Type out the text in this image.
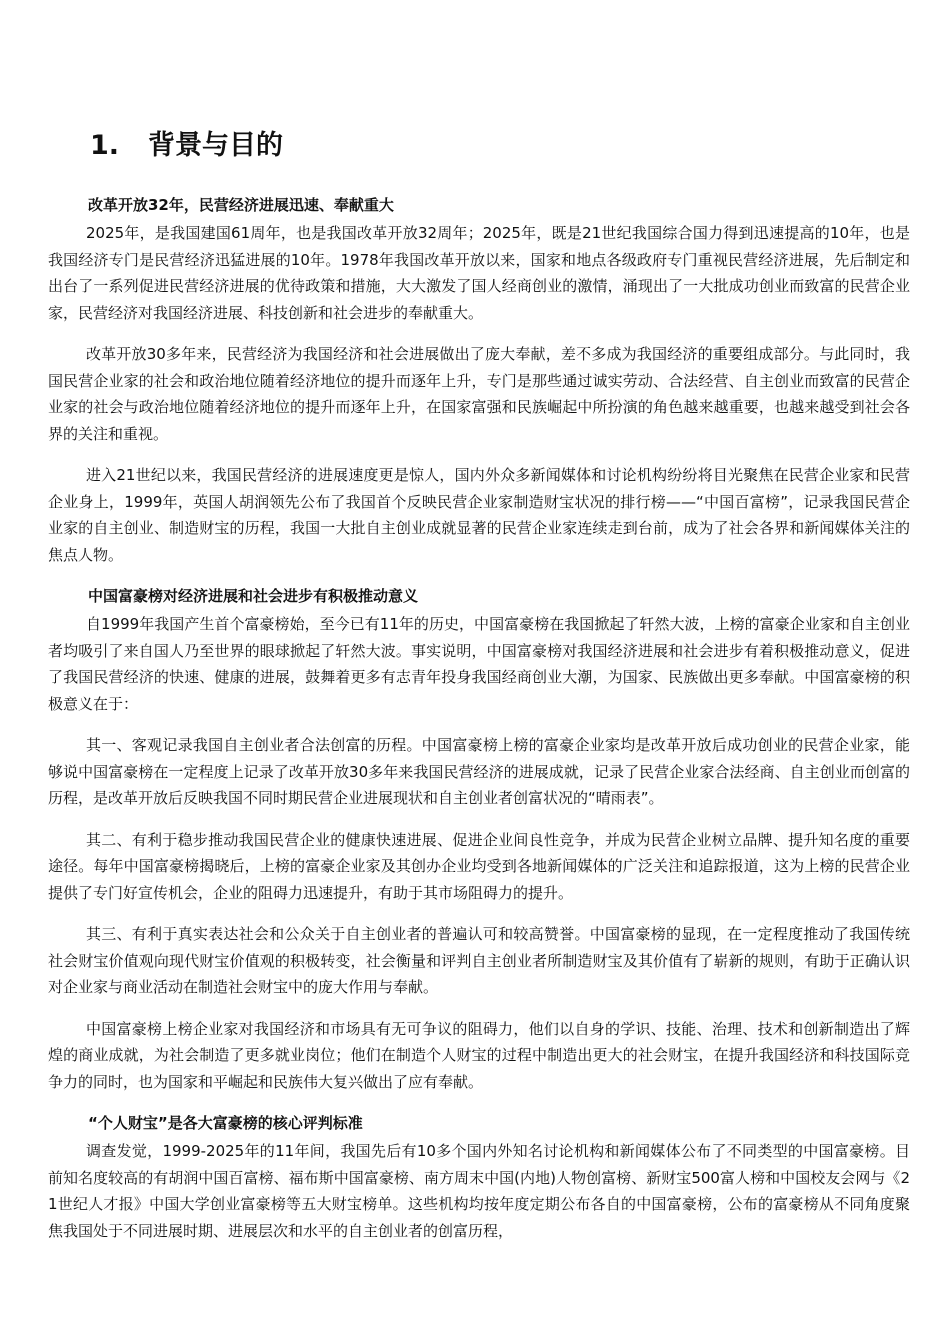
1. 背景与目的

改革开放32年，民营经济进展迅速、奉献重大

2025年，是我国建国61周年，也是我国改革开放32周年；2025年，既是21世纪我国综合国力得到迅速提高的10年，也是我国经济专门是民营经济迅猛进展的10年。1978年我国改革开放以来，国家和地点各级政府专门重视民营经济进展，先后制定和出台了一系列促进民营经济进展的优待政策和措施，大大激发了国人经商创业的激情，涌现出了一大批成功创业而致富的民营企业家，民营经济对我国经济进展、科技创新和社会进步的奉献重大。

改革开放30多年来，民营经济为我国经济和社会进展做出了庞大奉献，差不多成为我国经济的重要组成部分。与此同时，我国民营企业家的社会和政治地位随着经济地位的提升而逐年上升，专门是那些通过诚实劳动、合法经营、自主创业而致富的民营企业家的社会与政治地位随着经济地位的提升而逐年上升，在国家富强和民族崛起中所扮演的角色越来越重要，也越来越受到社会各界的关注和重视。

进入21世纪以来，我国民营经济的进展速度更是惊人，国内外众多新闻媒体和讨论机构纷纷将目光聚焦在民营企业家和民营企业身上，1999年，英国人胡润领先公布了我国首个反映民营企业家制造财宝状况的排行榜——“中国百富榜”，记录我国民营企业家的自主创业、制造财宝的历程，我国一大批自主创业成就显著的民营企业家连续走到台前，成为了社会各界和新闻媒体关注的焦点人物。

中国富豪榜对经济进展和社会进步有积极推动意义

自1999年我国产生首个富豪榜始，至今已有11年的历史，中国富豪榜在我国掀起了轩然大波，上榜的富豪企业家和自主创业者均吸引了来自国人乃至世界的眼球掀起了轩然大波。事实说明，中国富豪榜对我国经济进展和社会进步有着积极推动意义，促进了我国民营经济的快速、健康的进展，鼓舞着更多有志青年投身我国经商创业大潮，为国家、民族做出更多奉献。中国富豪榜的积极意义在于：

其一、客观记录我国自主创业者合法创富的历程。中国富豪榜上榜的富豪企业家均是改革开放后成功创业的民营企业家，能够说中国富豪榜在一定程度上记录了改革开放30多年来我国民营经济的进展成就，记录了民营企业家合法经商、自主创业而创富的历程，是改革开放后反映我国不同时期民营企业进展现状和自主创业者创富状况的“晴雨表”。

其二、有利于稳步推动我国民营企业的健康快速进展、促进企业间良性竞争，并成为民营企业树立品牌、提升知名度的重要途径。每年中国富豪榜揭晓后，上榜的富豪企业家及其创办企业均受到各地新闻媒体的广泛关注和追踪报道，这为上榜的民营企业提供了专门好宣传机会，企业的阻碍力迅速提升，有助于其市场阻碍力的提升。

其三、有利于真实表达社会和公众关于自主创业者的普遍认可和较高赞誉。中国富豪榜的显现，在一定程度推动了我国传统社会财宝价值观向现代财宝价值观的积极转变，社会衡量和评判自主创业者所制造财宝及其价值有了崭新的规则，有助于正确认识对企业家与商业活动在制造社会财宝中的庞大作用与奉献。

中国富豪榜上榜企业家对我国经济和市场具有无可争议的阻碍力，他们以自身的学识、技能、治理、技术和创新制造出了辉煌的商业成就，为社会制造了更多就业岗位；他们在制造个人财宝的过程中制造出更大的社会财宝，在提升我国经济和科技国际竞争力的同时，也为国家和平崛起和民族伟大复兴做出了应有奉献。

“个人财宝”是各大富豪榜的核心评判标准

调查发觉，1999-2025年的11年间，我国先后有10多个国内外知名讨论机构和新闻媒体公布了不同类型的中国富豪榜。目前知名度较高的有胡润中国百富榜、福布斯中国富豪榜、南方周末中国(内地)人物创富榜、新财宝500富人榜和中国校友会网与《21世纪人才报》中国大学创业富豪榜等五大财宝榜单。这些机构均按年度定期公布各自的中国富豪榜，公布的富豪榜从不同角度聚焦我国处于不同进展时期、进展层次和水平的自主创业者的创富历程，
